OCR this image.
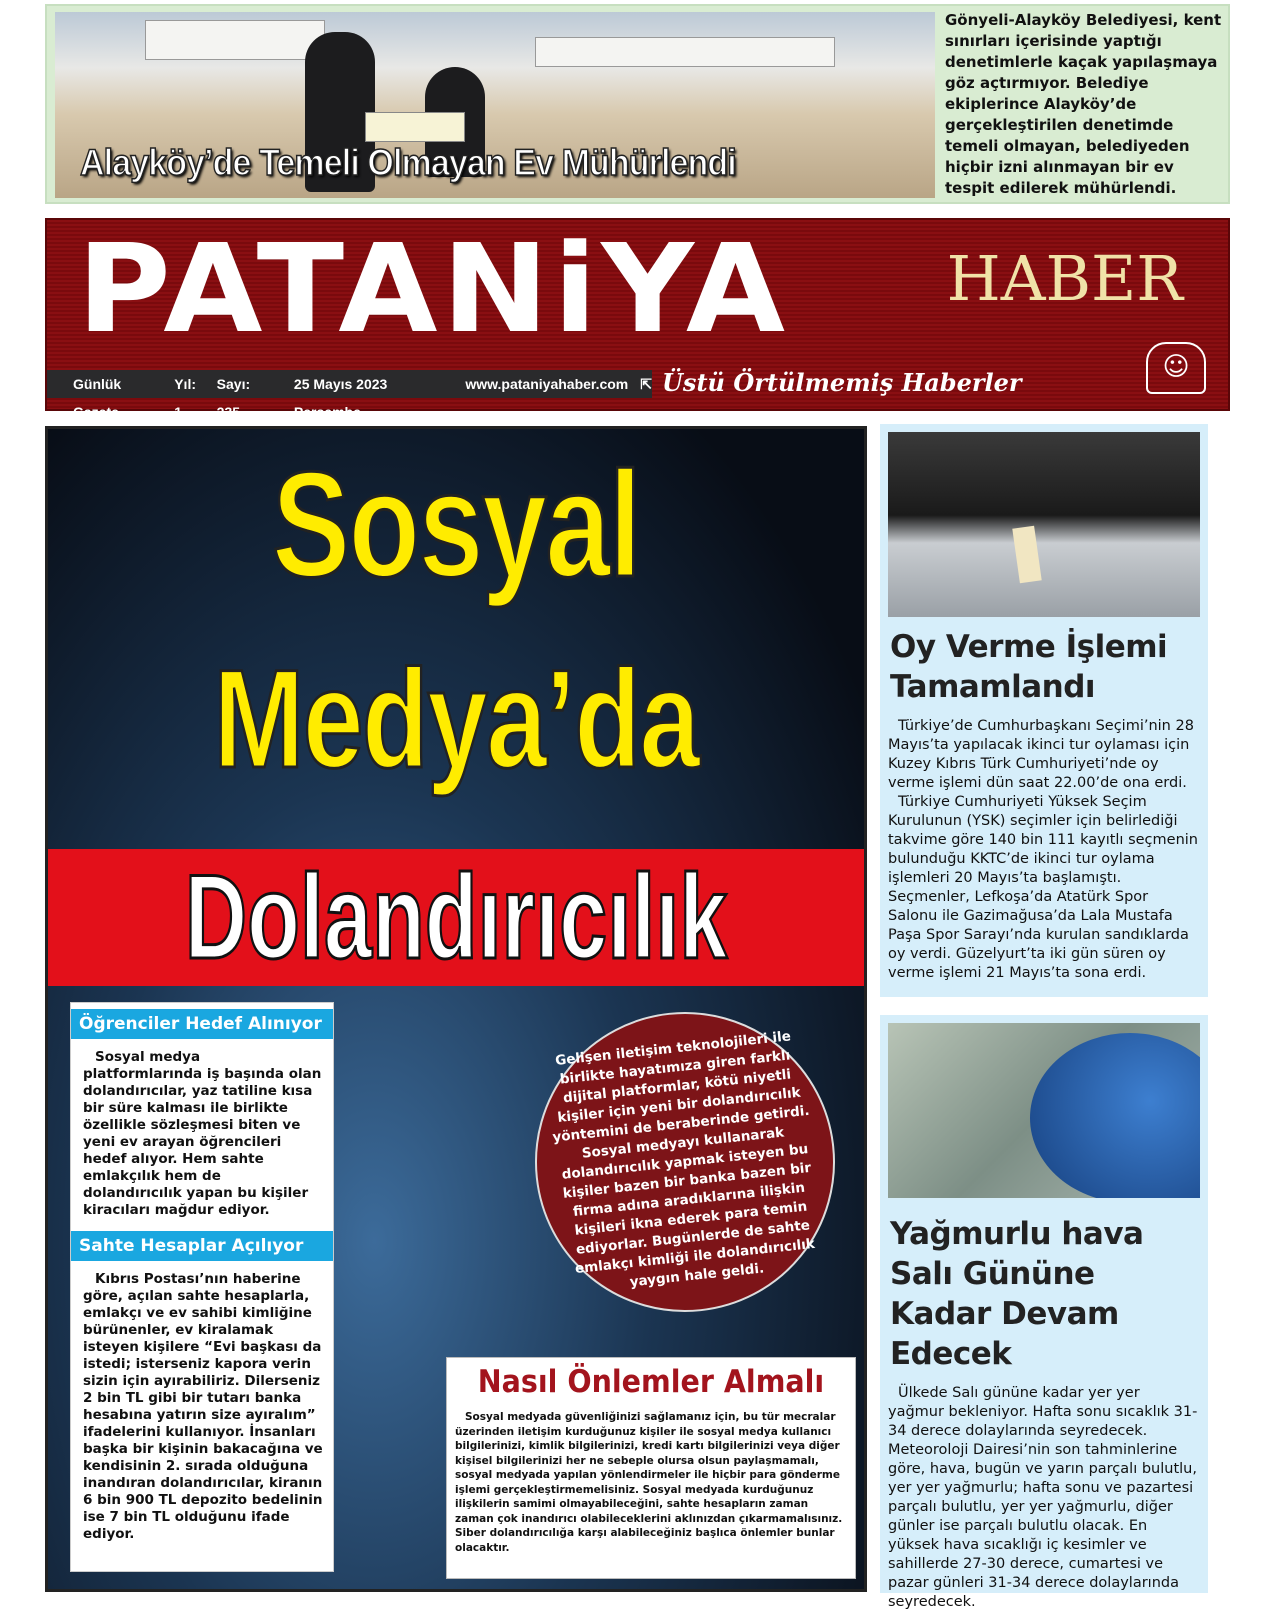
Alayköy’de Temeli Olmayan Ev Mühürlendi
Gönyeli-Alayköy Belediyesi, kent sınırları içerisinde yaptığı denetimlerle kaçak yapılaşmaya göz açtırmıyor. Belediye ekiplerince Alayköy’de gerçekleştirilen denetimde temeli olmayan, belediyeden hiçbir izni alınmayan bir ev tespit edilerek mühürlendi.
PATANiYA	HABER
Günlük Gazete
Yıl: 1
Sayı: 235
25 Mayıs 2023 Perşembe
www.pataniyahaber.com ⇱ Üstü Örtülmemiş Haberler
☺
Sosyal
Medya’da
Dolandırıcılık
Öğrenciler Hedef Alınıyor
Sosyal medya platformlarında iş başında olan dolandırıcılar, yaz tatiline kısa bir süre kalması ile birlikte özellikle sözleşmesi biten ve yeni ev arayan öğrencileri hedef alıyor. Hem sahte emlakçılık hem de dolandırıcılık yapan bu kişiler kiracıları mağdur ediyor.
Sahte Hesaplar Açılıyor
Kıbrıs Postası’nın haberine göre, açılan sahte hesaplarla, emlakçı ve ev sahibi kimliğine bürünenler, ev kiralamak isteyen kişilere “Evi başkası da istedi; isterseniz kapora verin sizin için ayırabiliriz. Dilerseniz 2 bin TL gibi bir tutarı banka hesabına yatırın size ayıralım” ifadelerini kullanıyor. İnsanları başka bir kişinin bakacağına ve kendisinin 2. sırada olduğuna inandıran dolandırıcılar, kiranın 6 bin 900 TL depozito bedelinin ise 7 bin TL olduğunu ifade ediyor.
Gelişen iletişim teknolojileri ile birlikte hayatımıza giren farklı dijital platformlar, kötü niyetli kişiler için yeni bir dolandırıcılık yöntemini de beraberinde getirdi. Sosyal medyayı kullanarak dolandırıcılık yapmak isteyen bu kişiler bazen bir banka bazen bir firma adına aradıklarına ilişkin kişileri ikna ederek para temin ediyorlar. Bugünlerde de sahte emlakçı kimliği ile dolandırıcılık yaygın hale geldi.
Nasıl Önlemler Almalı
Sosyal medyada güvenliğinizi sağlamanız için, bu tür mecralar üzerinden iletişim kurduğunuz kişiler ile sosyal medya kullanıcı bilgilerinizi, kimlik bilgilerinizi, kredi kartı bilgilerinizi veya diğer kişisel bilgilerinizi her ne sebeple olursa olsun paylaşmamalı, sosyal medyada yapılan yönlendirmeler ile hiçbir para gönderme işlemi gerçekleştirmemelisiniz. Sosyal medyada kurduğunuz ilişkilerin samimi olmayabileceğini, sahte hesapların zaman zaman çok inandırıcı olabileceklerini aklınızdan çıkarmamalısınız. Siber dolandırıcılığa karşı alabileceğiniz başlıca önlemler bunlar olacaktır.
Oy Verme İşlemi Tamamlandı

Türkiye’de Cumhurbaşkanı Seçimi’nin 28 Mayıs’ta yapılacak ikinci tur oylaması için Kuzey Kıbrıs Türk Cumhuriyeti’nde oy verme işlemi dün saat 22.00’de ona erdi.

Türkiye Cumhuriyeti Yüksek Seçim Kurulunun (YSK) seçimler için belirlediği takvime göre 140 bin 111 kayıtlı seçmenin bulunduğu KKTC’de ikinci tur oylama işlemleri 20 Mayıs’ta başlamıştı. Seçmenler, Lefkoşa’da Atatürk Spor Salonu ile Gazimağusa’da Lala Mustafa Paşa Spor Sarayı’nda kurulan sandıklarda oy verdi. Güzelyurt’ta iki gün süren oy verme işlemi 21 Mayıs’ta sona erdi.

Yağmurlu hava Salı Gününe Kadar Devam Edecek

Ülkede Salı gününe kadar yer yer yağmur bekleniyor. Hafta sonu sıcaklık 31-34 derece dolaylarında seyredecek. Meteoroloji Dairesi’nin son tahminlerine göre, hava, bugün ve yarın parçalı bulutlu, yer yer yağmurlu; hafta sonu ve pazartesi parçalı bulutlu, yer yer yağmurlu, diğer günler ise parçalı bulutlu olacak. En yüksek hava sıcaklığı iç kesimler ve sahillerde 27-30 derece, cumartesi ve pazar günleri 31-34 derece dolaylarında seyredecek.
